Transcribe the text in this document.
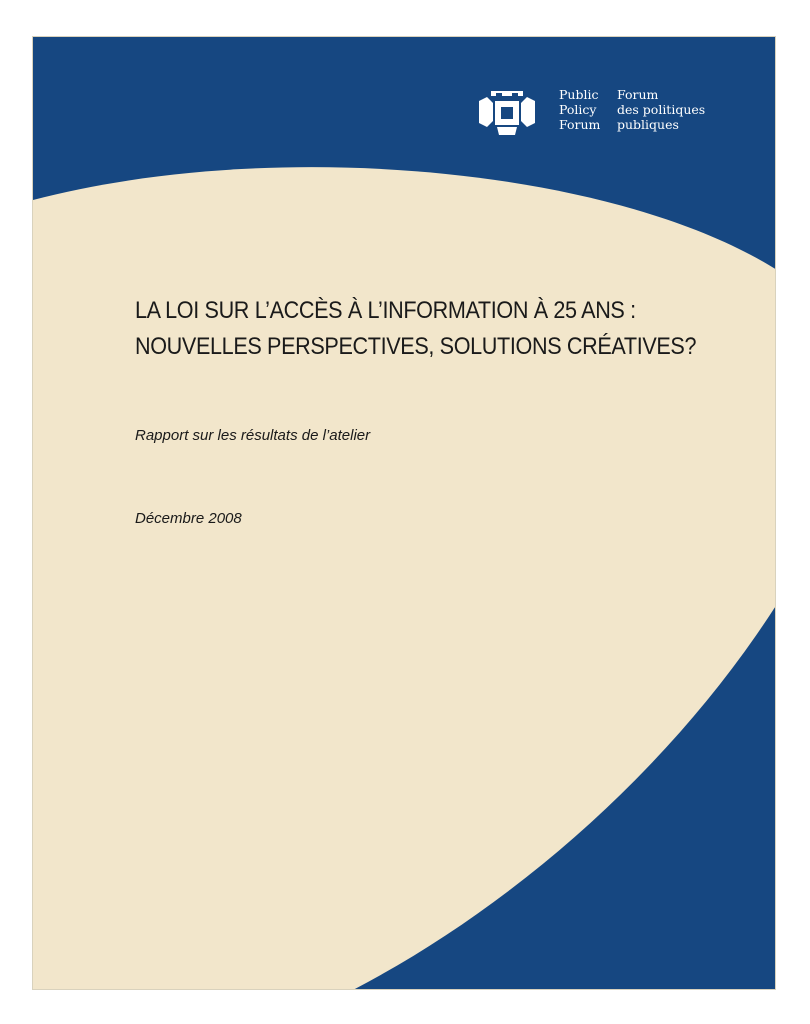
Public
Policy
Forum
Forum
des politiques
publiques
LA LOI SUR L’ACCÈS À L’INFORMATION À 25 ANS :
NOUVELLES PERSPECTIVES, SOLUTIONS CRÉATIVES?
Rapport sur les résultats de l’atelier
Décembre 2008
